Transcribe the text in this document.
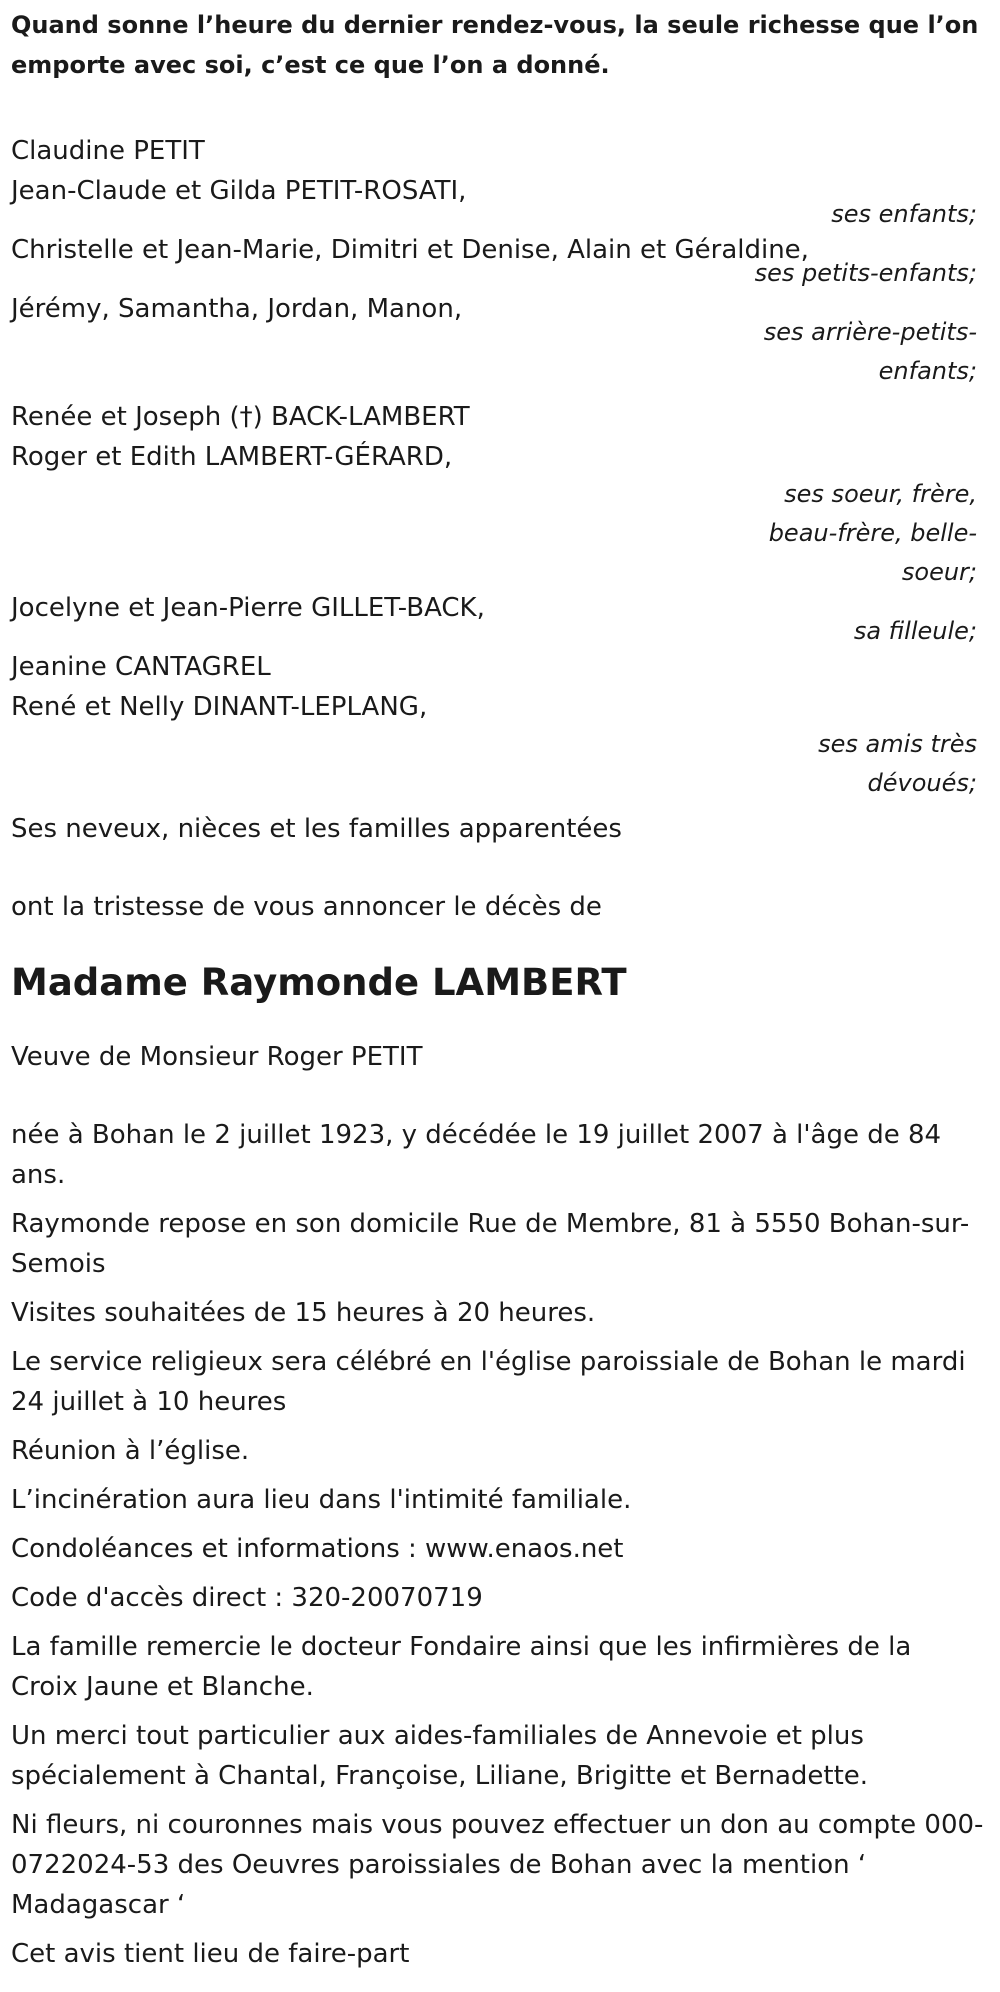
Quand sonne l’heure du dernier rendez-vous, la seule richesse que l’on emporte avec soi, c’est ce que l’on a donné.

Claudine PETIT
Jean-Claude et Gilda PETIT-ROSATI,
ses enfants;
Christelle et Jean-Marie, Dimitri et Denise, Alain et Géraldine,
ses petits-enfants;
Jérémy, Samantha, Jordan, Manon,
ses arrière-petits-enfants;
Renée et Joseph (†) BACK-LAMBERT
Roger et Edith LAMBERT-GÉRARD,
ses soeur, frère, beau-frère, belle-soeur;
Jocelyne et Jean-Pierre GILLET-BACK,
sa filleule;
Jeanine CANTAGREL
René et Nelly DINANT-LEPLANG,
ses amis très dévoués;

Ses neveux, nièces et les familles apparentées

ont la tristesse de vous annoncer le décès de

Madame Raymonde LAMBERT

Veuve de Monsieur Roger PETIT

née à Bohan le 2 juillet 1923, y décédée le 19 juillet 2007 à l'âge de 84 ans.

Raymonde repose en son domicile Rue de Membre, 81 à 5550 Bohan-sur-Semois

Visites souhaitées de 15 heures à 20 heures.

Le service religieux sera célébré en l'église paroissiale de Bohan le mardi 24 juillet à 10 heures

Réunion à l’église.

L’incinération aura lieu dans l'intimité familiale.

Condoléances et informations : www.enaos.net

Code d'accès direct : 320-20070719

La famille remercie le docteur Fondaire ainsi que les infirmières de la Croix Jaune et Blanche.

Un merci tout particulier aux aides-familiales de Annevoie et plus spécialement à Chantal, Françoise, Liliane, Brigitte et Bernadette.

Ni fleurs, ni couronnes mais vous pouvez effectuer un don au compte 000-0722024-53 des Oeuvres paroissiales de Bohan avec la mention ‘ Madagascar ‘

Cet avis tient lieu de faire-part
